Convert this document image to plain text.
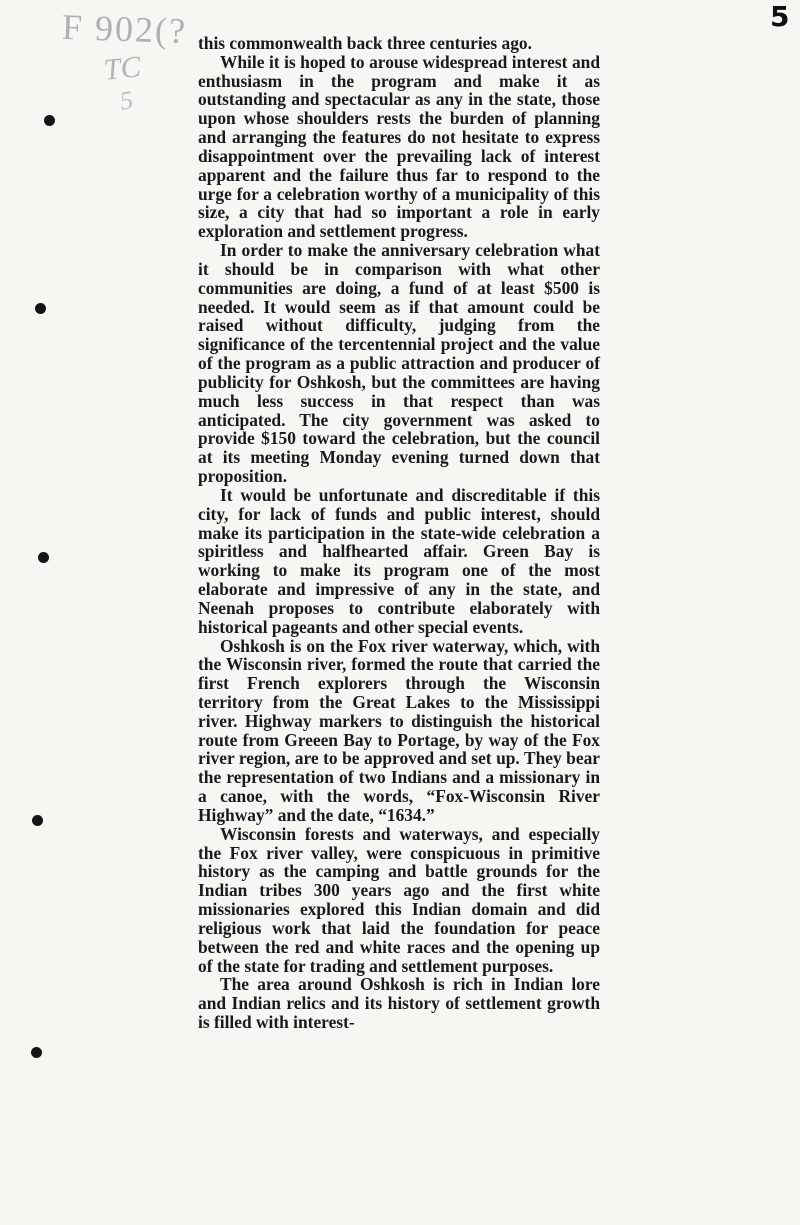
F 902(?
TC
5
5

this commonwealth back three centuries ago.

While it is hoped to arouse widespread interest and enthusiasm in the program and make it as outstanding and spectacular as any in the state, those upon whose shoulders rests the burden of planning and arranging the features do not hesitate to express disappointment over the prevailing lack of interest apparent and the failure thus far to respond to the urge for a celebration worthy of a municipality of this size, a city that had so important a role in early exploration and settlement progress.

In order to make the anniversary celebration what it should be in comparison with what other communities are doing, a fund of at least $500 is needed. It would seem as if that amount could be raised without difficulty, judging from the significance of the tercentennial project and the value of the program as a public attraction and producer of publicity for Oshkosh, but the committees are having much less success in that respect than was anticipated. The city government was asked to provide $150 toward the celebration, but the council at its meeting Monday evening turned down that proposition.

It would be unfortunate and discreditable if this city, for lack of funds and public interest, should make its participation in the state-wide celebration a spiritless and halfhearted affair. Green Bay is working to make its program one of the most elaborate and impressive of any in the state, and Neenah proposes to contribute elaborately with historical pageants and other special events.

Oshkosh is on the Fox river waterway, which, with the Wisconsin river, formed the route that carried the first French explorers through the Wisconsin territory from the Great Lakes to the Mississippi river. Highway markers to distinguish the historical route from Greeen Bay to Portage, by way of the Fox river region, are to be approved and set up. They bear the representation of two Indians and a missionary in a canoe, with the words, “Fox-Wisconsin River Highway” and the date, “1634.”

Wisconsin forests and waterways, and especially the Fox river valley, were conspicuous in primitive history as the camping and battle grounds for the Indian tribes 300 years ago and the first white missionaries explored this Indian domain and did religious work that laid the foundation for peace between the red and white races and the opening up of the state for trading and settlement purposes.

The area around Oshkosh is rich in Indian lore and Indian relics and its history of settlement growth is filled with interest-
